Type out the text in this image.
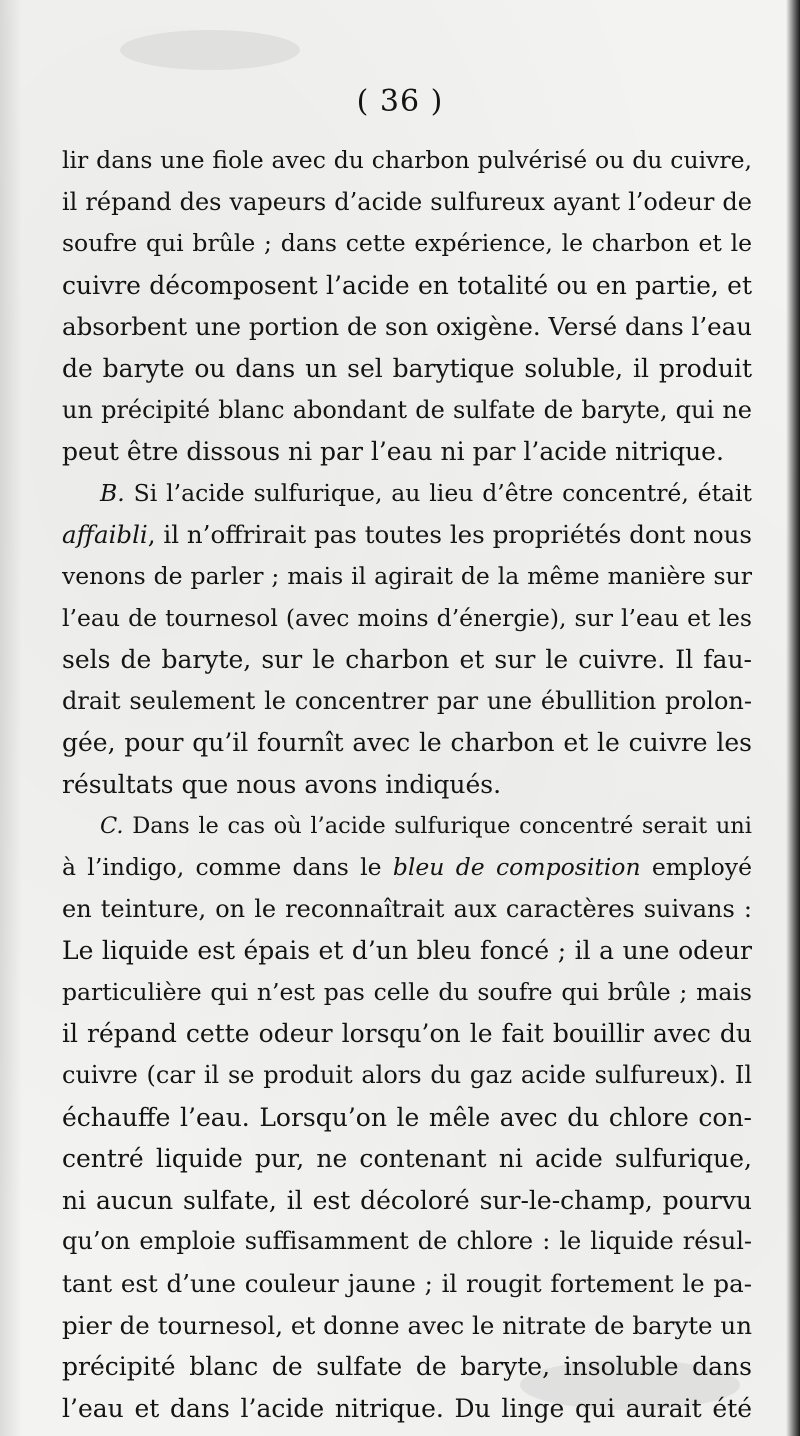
( 36 )
lir dans une fiole avec du charbon pulvérisé ou du cuivre,
il répand des vapeurs d’acide sulfureux ayant l’odeur de
soufre qui brûle ; dans cette expérience, le charbon et le
cuivre décomposent l’acide en totalité ou en partie, et
absorbent une portion de son oxigène. Versé dans l’eau
de baryte ou dans un sel barytique soluble, il produit
un précipité blanc abondant de sulfate de baryte, qui ne
peut être dissous ni par l’eau ni par l’acide nitrique.
B. Si l’acide sulfurique, au lieu d’être concentré, était
affaibli, il n’offrirait pas toutes les propriétés dont nous
venons de parler ; mais il agirait de la même manière sur
l’eau de tournesol (avec moins d’énergie), sur l’eau et les
sels de baryte, sur le charbon et sur le cuivre. Il fau-
drait seulement le concentrer par une ébullition prolon-
gée, pour qu’il fournît avec le charbon et le cuivre les
résultats que nous avons indiqués.
C. Dans le cas où l’acide sulfurique concentré serait uni
à l’indigo, comme dans le bleu de composition employé
en teinture, on le reconnaîtrait aux caractères suivans :
Le liquide est épais et d’un bleu foncé ; il a une odeur
particulière qui n’est pas celle du soufre qui brûle ; mais
il répand cette odeur lorsqu’on le fait bouillir avec du
cuivre (car il se produit alors du gaz acide sulfureux). Il
échauffe l’eau. Lorsqu’on le mêle avec du chlore con-
centré liquide pur, ne contenant ni acide sulfurique,
ni aucun sulfate, il est décoloré sur-le-champ, pourvu
qu’on emploie suffisamment de chlore : le liquide résul-
tant est d’une couleur jaune ; il rougit fortement le pa-
pier de tournesol, et donne avec le nitrate de baryte un
précipité blanc de sulfate de baryte, insoluble dans
l’eau et dans l’acide nitrique. Du linge qui aurait été
